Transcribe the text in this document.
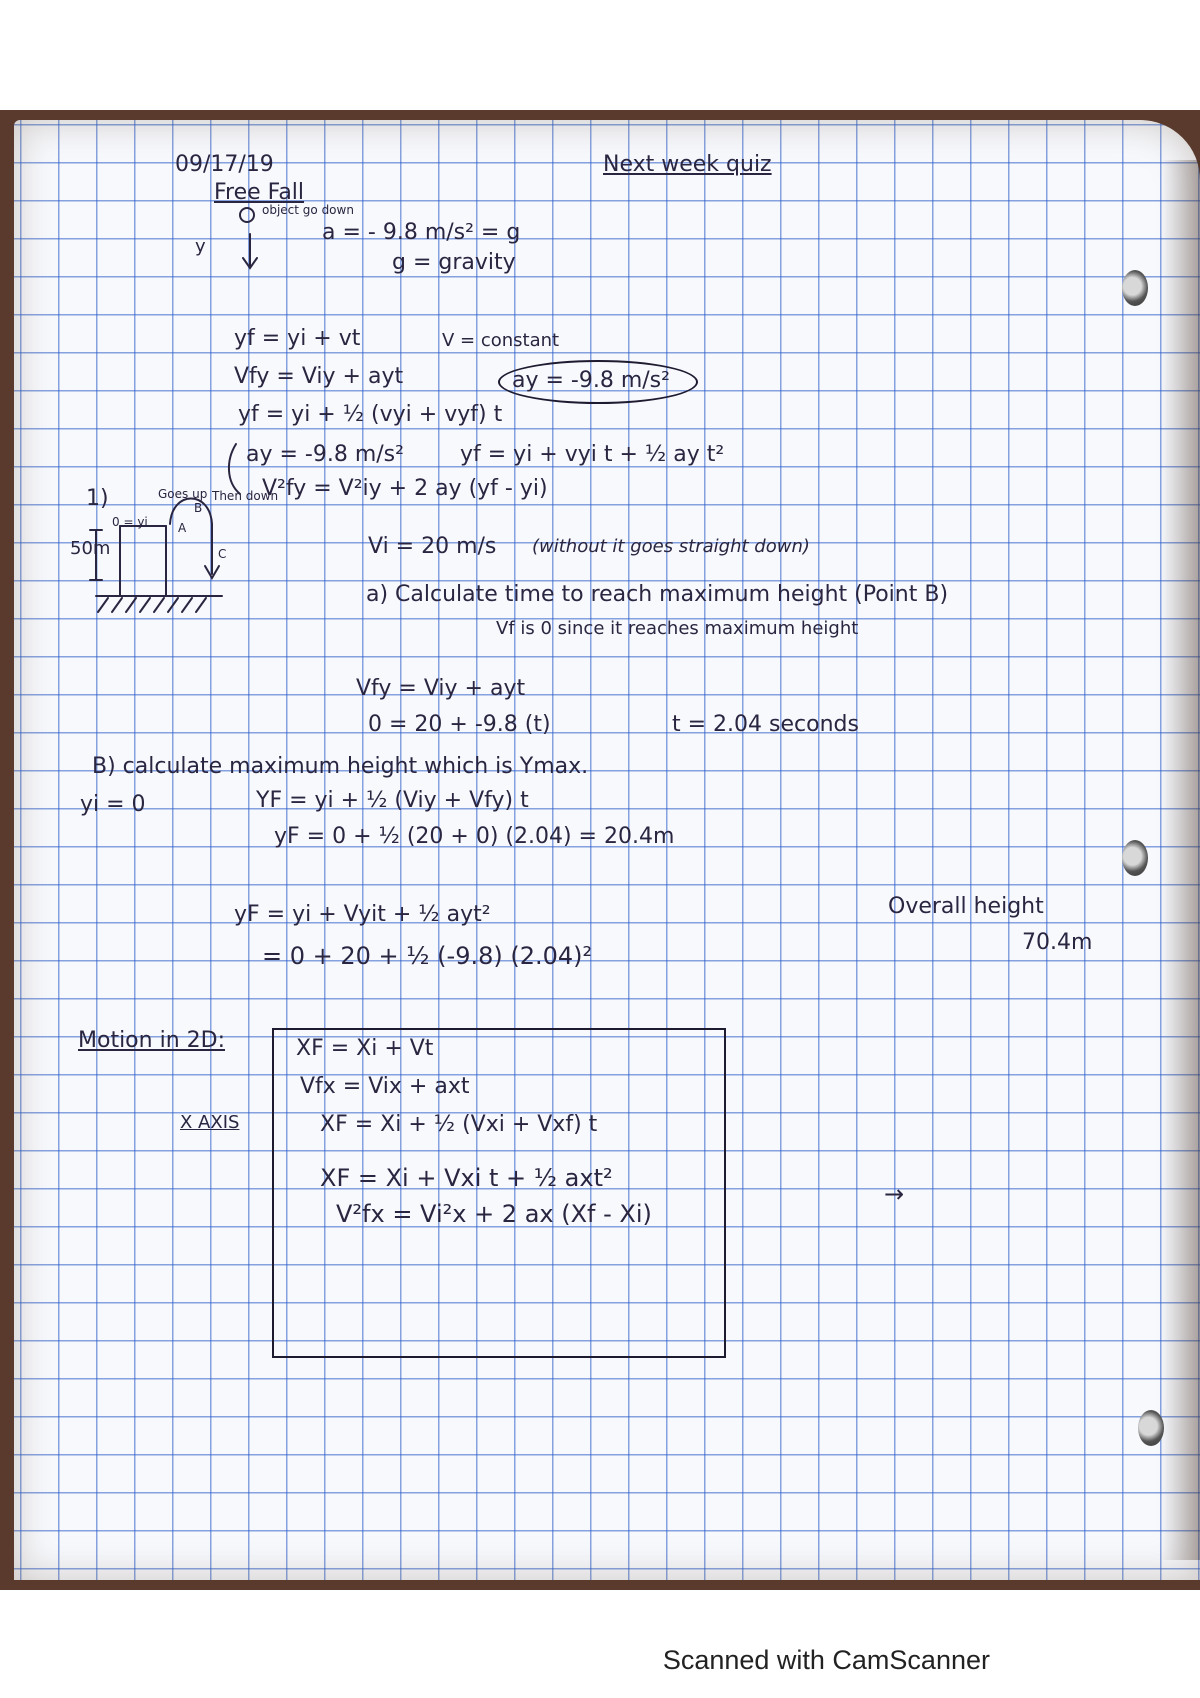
09/17/19	Next week quiz
Free Fall
object go down
a = - 9.8 m/s² = g
g = gravity
y
yf = yi + vt	V = constant
Vfy = Viy + ayt	ay = -9.8 m/s²
yf = yi + ½ (vyi + vyf) t
ay = -9.8 m/s²	yf = yi + vyi t + ½ ay t²
V²fy = V²iy + 2 ay (yf - yi)
1)
0 = yi
Goes up Then down
A
B
C
50m	Vi = 20 m/s (without it goes straight down)
a) Calculate time to reach maximum height (Point B)
Vf is 0 since it reaches maximum height
Vfy = Viy + ayt
0 = 20 + -9.8 (t)	t = 2.04 seconds
B) calculate maximum height which is Ymax.
yi = 0	YF = yi + ½ (Viy + Vfy) t
yF = 0 + ½ (20 + 0) (2.04) = 20.4m
yF = yi + Vyit + ½ ayt²
= 0 + 20 + ½ (-9.8) (2.04)²
Overall height
70.4m
Motion in 2D:
X AXIS
XF = Xi + Vt
Vfx = Vix + axt
XF = Xi + ½ (Vxi + Vxf) t
XF = Xi + Vxi t + ½ axt²
V²fx = Vi²x + 2 ax (Xf - Xi)
→
Scanned with CamScanner
